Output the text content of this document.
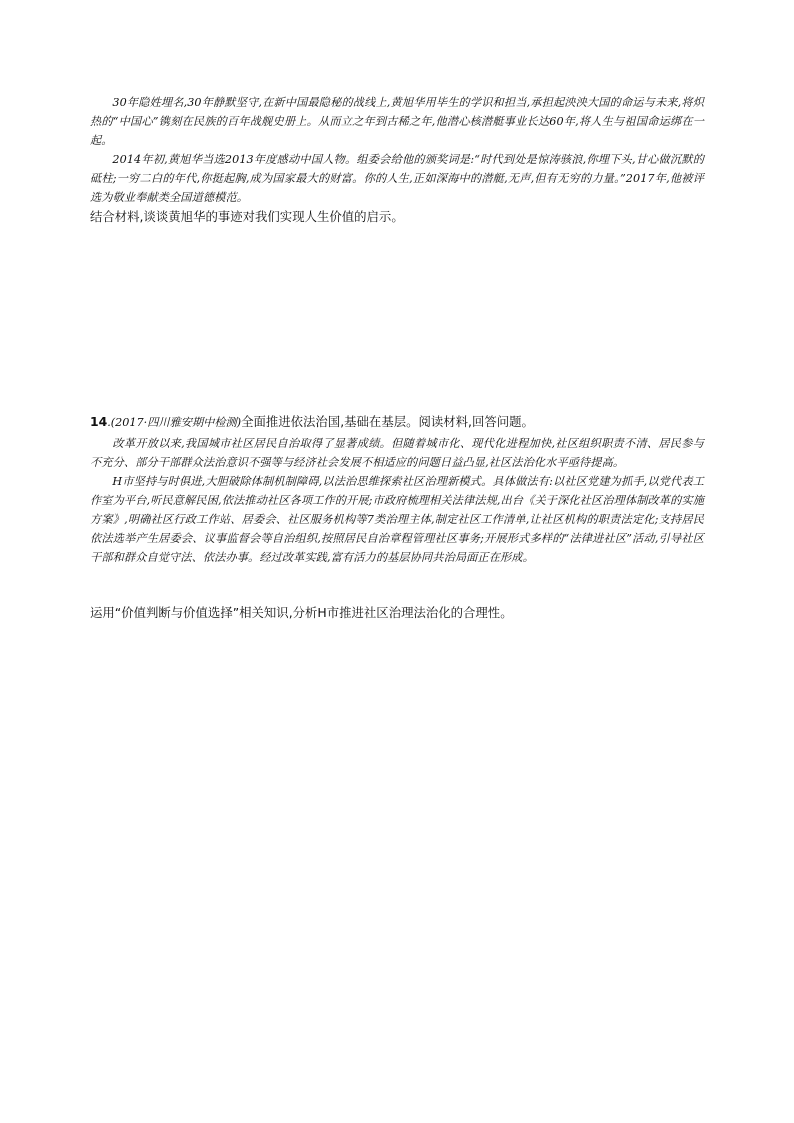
30年隐姓埋名,30年静默坚守,在新中国最隐秘的战线上,黄旭华用毕生的学识和担当,承担起泱泱大国的命运与未来,将炽热的“中国心”镌刻在民族的百年战舰史册上。从而立之年到古稀之年,他潜心核潜艇事业长达60年,将人生与祖国命运绑在一起。

2014年初,黄旭华当选2013年度感动中国人物。组委会给他的颁奖词是:“时代到处是惊涛骇浪,你埋下头,甘心做沉默的砥柱;一穷二白的年代,你挺起胸,成为国家最大的财富。你的人生,正如深海中的潜艇,无声,但有无穷的力量。”2017年,他被评选为敬业奉献类全国道德模范。

结合材料,谈谈黄旭华的事迹对我们实现人生价值的启示。

14.(2017·四川雅安期中检测)全面推进依法治国,基础在基层。阅读材料,回答问题。

改革开放以来,我国城市社区居民自治取得了显著成绩。但随着城市化、现代化进程加快,社区组织职责不清、居民参与不充分、部分干部群众法治意识不强等与经济社会发展不相适应的问题日益凸显,社区法治化水平亟待提高。

H市坚持与时俱进,大胆破除体制机制障碍,以法治思维探索社区治理新模式。具体做法有:以社区党建为抓手,以党代表工作室为平台,听民意解民困,依法推动社区各项工作的开展;市政府梳理相关法律法规,出台《关于深化社区治理体制改革的实施方案》,明确社区行政工作站、居委会、社区服务机构等7类治理主体,制定社区工作清单,让社区机构的职责法定化;支持居民依法选举产生居委会、议事监督会等自治组织,按照居民自治章程管理社区事务;开展形式多样的“法律进社区”活动,引导社区干部和群众自觉守法、依法办事。经过改革实践,富有活力的基层协同共治局面正在形成。

运用“价值判断与价值选择”相关知识,分析H市推进社区治理法治化的合理性。
